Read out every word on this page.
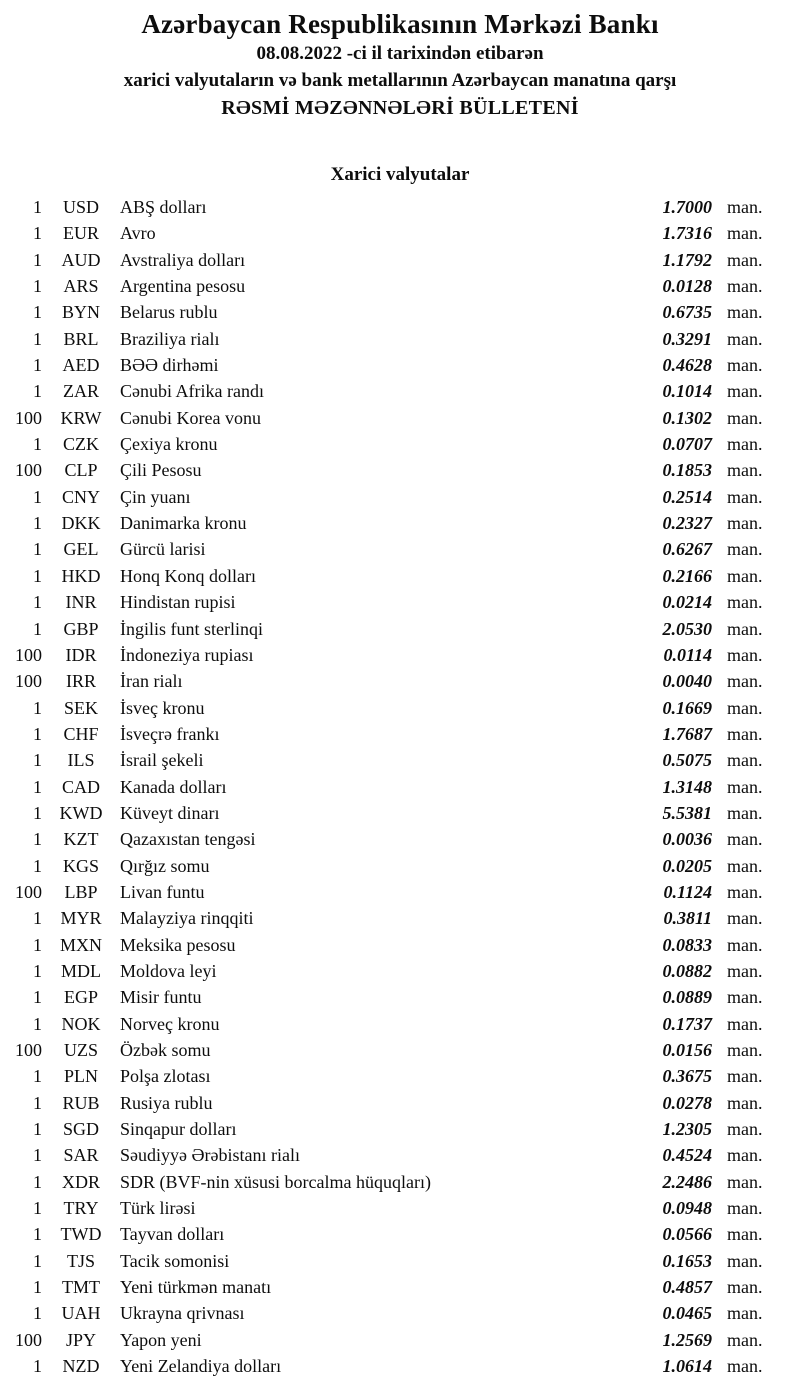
Azərbaycan Respublikasının Mərkəzi Bankı
08.08.2022 -ci il tarixindən etibarən
xarici valyutaların və bank metallarının Azərbaycan manatına qarşı
RƏSMİ MƏZƏNNƏLƏRİ BÜLLETENİ
Xarici valyutalar
1	USD	ABŞ dolları	1.7000 man.
1	EUR	Avro	1.7316 man.
1	AUD	Avstraliya dolları	1.1792 man.
1	ARS	Argentina pesosu	0.0128 man.
1	BYN	Belarus rublu	0.6735 man.
1	BRL	Braziliya rialı	0.3291 man.
1	AED	BƏƏ dirhəmi	0.4628 man.
1	ZAR	Cənubi Afrika randı	0.1014 man.
100	KRW	Cənubi Korea vonu	0.1302 man.
1	CZK	Çexiya kronu	0.0707 man.
100	CLP	Çili Pesosu	0.1853 man.
1	CNY	Çin yuanı	0.2514 man.
1	DKK	Danimarka kronu	0.2327 man.
1	GEL	Gürcü larisi	0.6267 man.
1	HKD	Honq Konq dolları	0.2166 man.
1	INR	Hindistan rupisi	0.0214 man.
1	GBP	İngilis funt sterlinqi	2.0530 man.
100	IDR	İndoneziya rupiası	0.0114 man.
100	IRR	İran rialı	0.0040 man.
1	SEK	İsveç kronu	0.1669 man.
1	CHF	İsveçrə frankı	1.7687 man.
1	ILS	İsrail şekeli	0.5075 man.
1	CAD	Kanada dolları	1.3148 man.
1 KWD Küveyt dinarı	5.5381 man.
1	KZT	Qazaxıstan tengəsi	0.0036 man.
1	KGS	Qırğız somu	0.0205 man.
100	LBP	Livan funtu	0.1124 man.
1	MYR	Malayziya rinqqiti	0.3811 man.
1 MXN	Meksika pesosu	0.0833 man.
1	MDL	Moldova leyi	0.0882 man.
1	EGP	Misir funtu	0.0889 man.
1	NOK	Norveç kronu	0.1737 man.
100	UZS	Özbək somu	0.0156 man.
1	PLN	Polşa zlotası	0.3675 man.
1	RUB	Rusiya rublu	0.0278 man.
1	SGD	Sinqapur dolları	1.2305 man.
1	SAR	Səudiyyə Ərəbistanı rialı	0.4524 man.
1	XDR	SDR (BVF-nin xüsusi borcalma hüquqları)	2.2486 man.
1	TRY	Türk lirəsi	0.0948 man.
1	TWD	Tayvan dolları	0.0566 man.
1	TJS	Tacik somonisi	0.1653 man.
1	TMT	Yeni türkmən manatı	0.4857 man.
1	UAH	Ukrayna qrivnası	0.0465 man.
100	JPY	Yapon yeni	1.2569 man.
1	NZD	Yeni Zelandiya dolları	1.0614 man.
